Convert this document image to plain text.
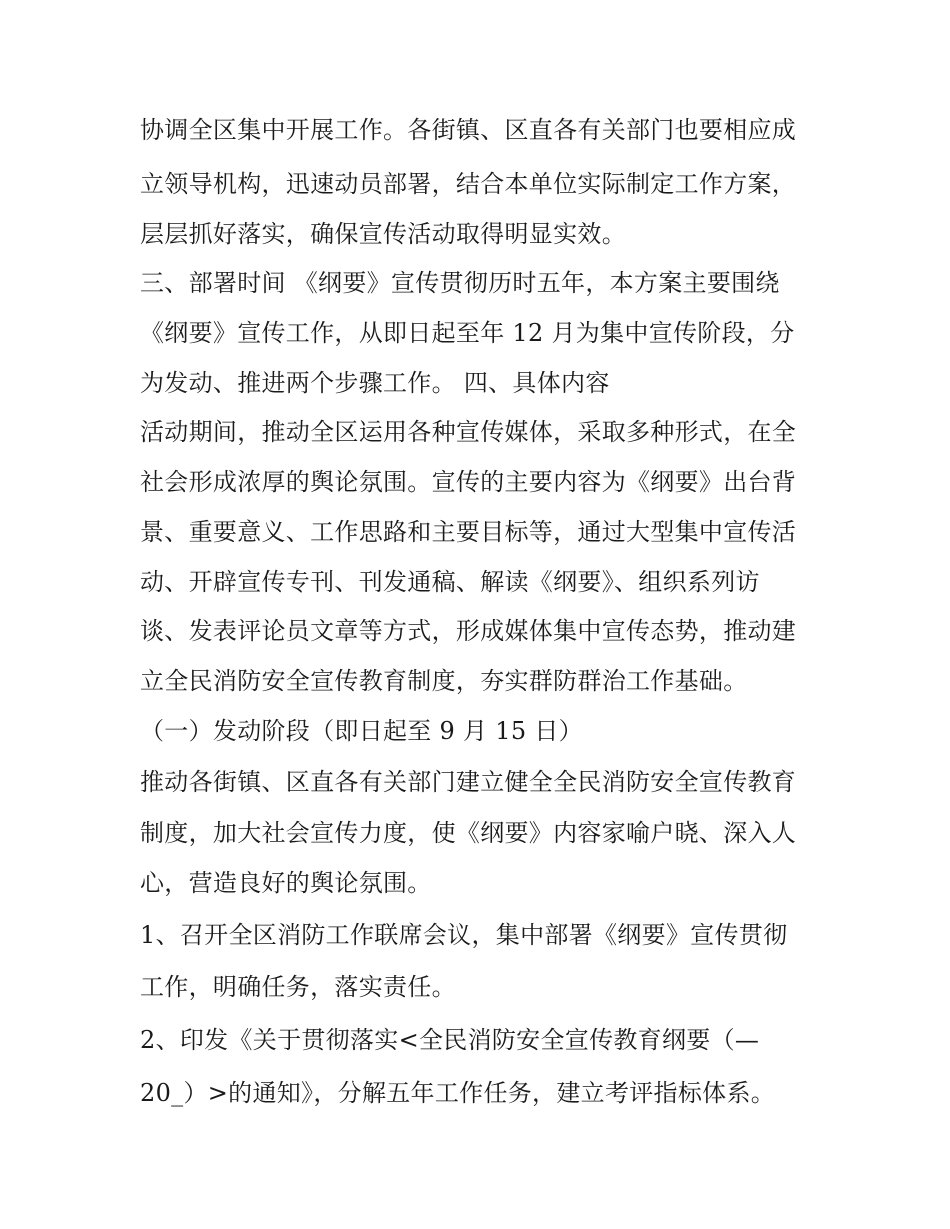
协调全区集中开展工作。各街镇、区直各有关部门也要相应成
立领导机构，迅速动员部署，结合本单位实际制定工作方案，
层层抓好落实，确保宣传活动取得明显实效。
三、部署时间 《纲要》宣传贯彻历时五年，本方案主要围绕
《纲要》宣传工作，从即日起至年 12 月为集中宣传阶段，分
为发动、推进两个步骤工作。 四、具体内容
活动期间，推动全区运用各种宣传媒体，采取多种形式，在全
社会形成浓厚的舆论氛围。宣传的主要内容为《纲要》出台背
景、重要意义、工作思路和主要目标等，通过大型集中宣传活
动、开辟宣传专刊、刊发通稿、解读《纲要》、组织系列访
谈、发表评论员文章等方式，形成媒体集中宣传态势，推动建
立全民消防安全宣传教育制度，夯实群防群治工作基础。
（一）发动阶段（即日起至 9 月 15 日）
推动各街镇、区直各有关部门建立健全全民消防安全宣传教育
制度，加大社会宣传力度，使《纲要》内容家喻户晓、深入人
心，营造良好的舆论氛围。
1、召开全区消防工作联席会议，集中部署《纲要》宣传贯彻
工作，明确任务，落实责任。
2、印发《关于贯彻落实<全民消防安全宣传教育纲要（—
20_）>的通知》，分解五年工作任务，建立考评指标体系。
